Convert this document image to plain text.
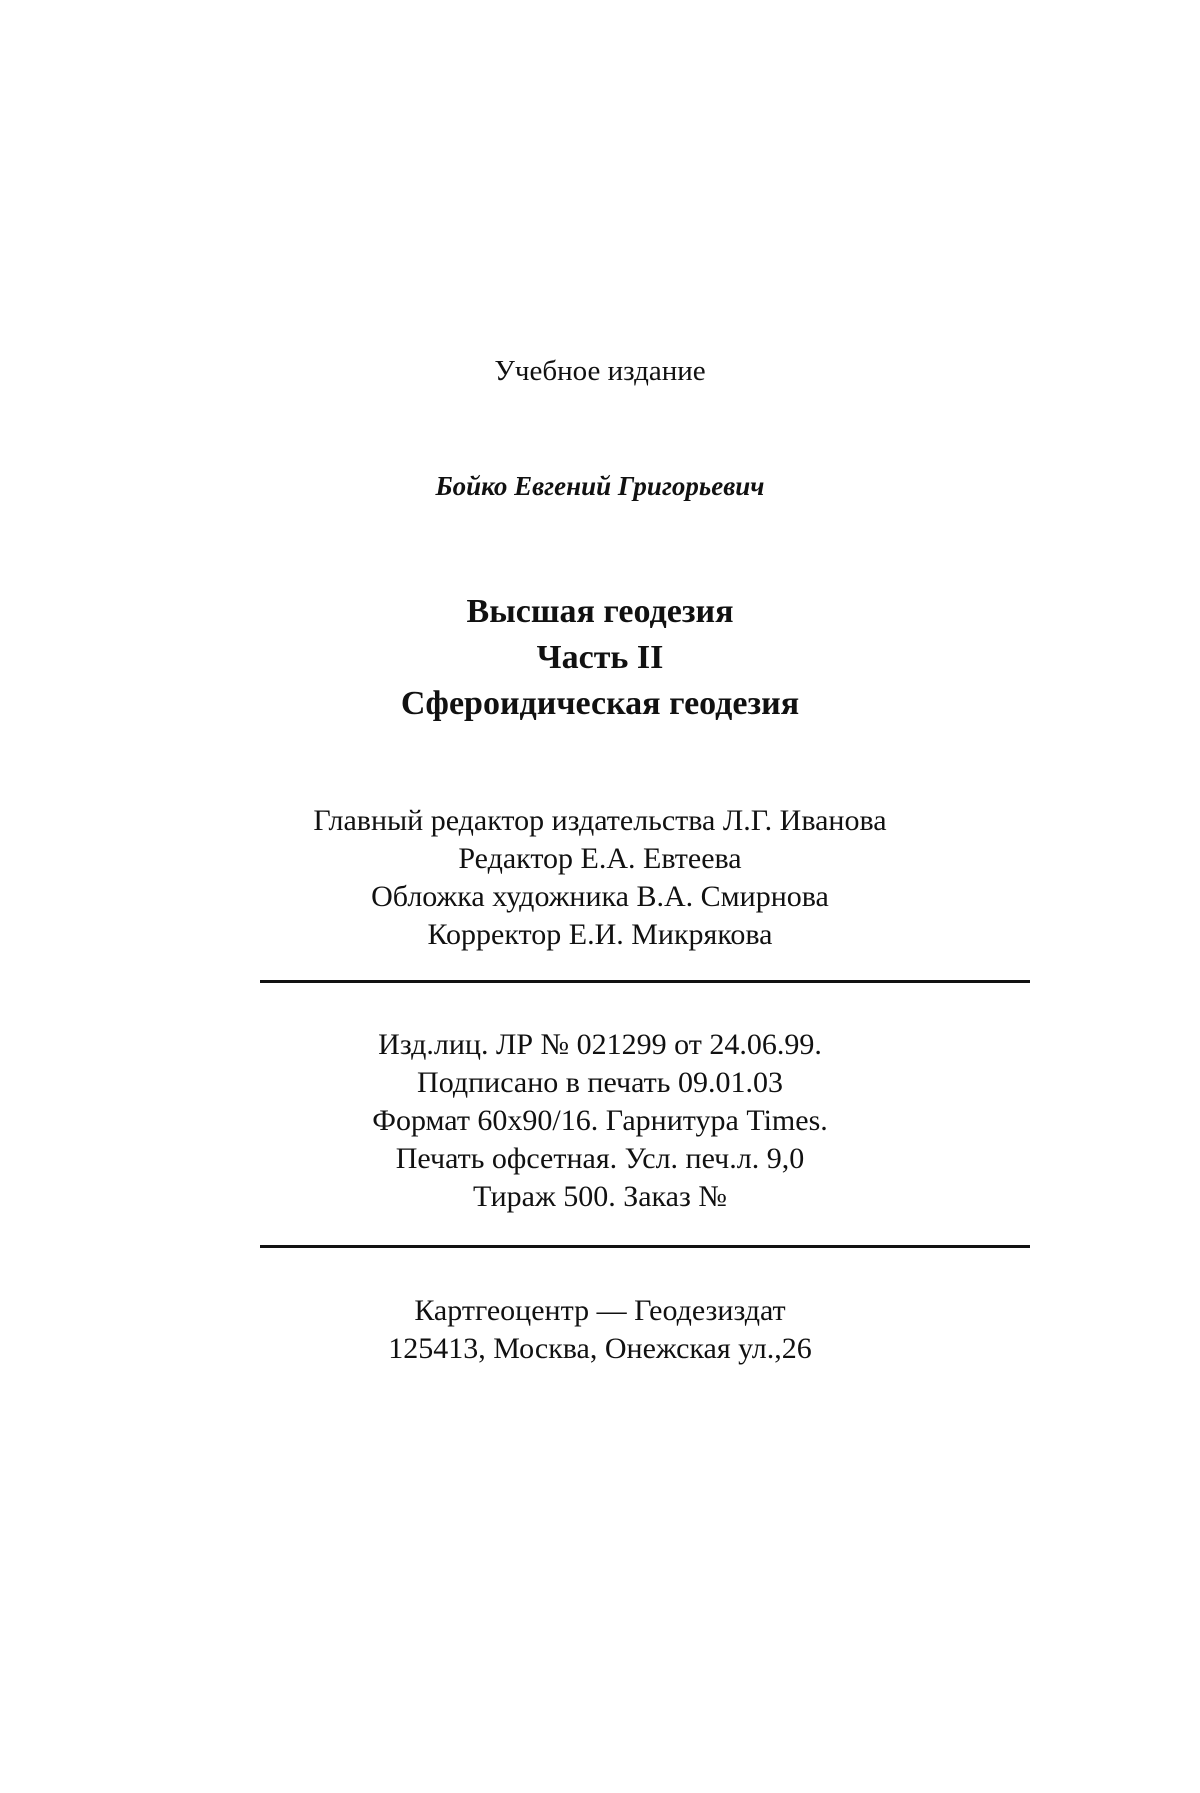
Учебное издание
Бойко Евгений Григорьевич
Высшая геодезия
Часть II
Сфероидическая геодезия
Главный редактор издательства Л.Г. Иванова
Редактор Е.А. Евтеева
Обложка художника В.А. Смирнова
Корректор Е.И. Микрякова
Изд.лиц. ЛР № 021299 от 24.06.99.
Подписано в печать 09.01.03
Формат 60х90/16. Гарнитура Times.
Печать офсетная. Усл. печ.л. 9,0
Тираж 500. Заказ №
Картгеоцентр — Геодезиздат
125413, Москва, Онежская ул.,26
